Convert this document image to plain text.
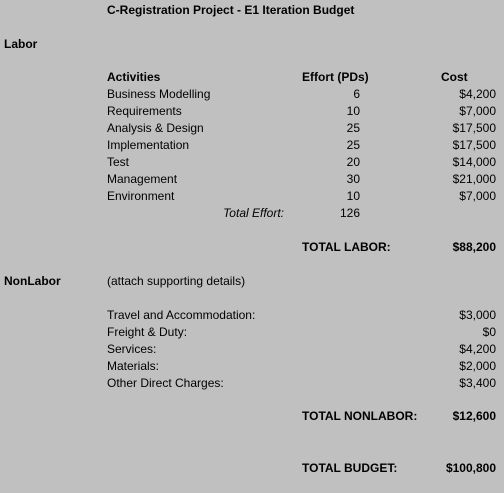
C-Registration Project - E1 Iteration Budget
Labor
Activities	Effort (PDs)	Cost
Business Modelling	6	$4,200
Requirements	10	$7,000
Analysis & Design	25	$17,500
Implementation	25	$17,500
Test	20	$14,000
Management	30	$21,000
Environment	10	$7,000
Total Effort:	126
TOTAL LABOR:	$88,200
NonLabor	(attach supporting details)
Travel and Accommodation:	$3,000
Freight & Duty:	$0
Services:	$4,200
Materials:	$2,000
Other Direct Charges:	$3,400
TOTAL NONLABOR:	$12,600
TOTAL BUDGET:	$100,800
